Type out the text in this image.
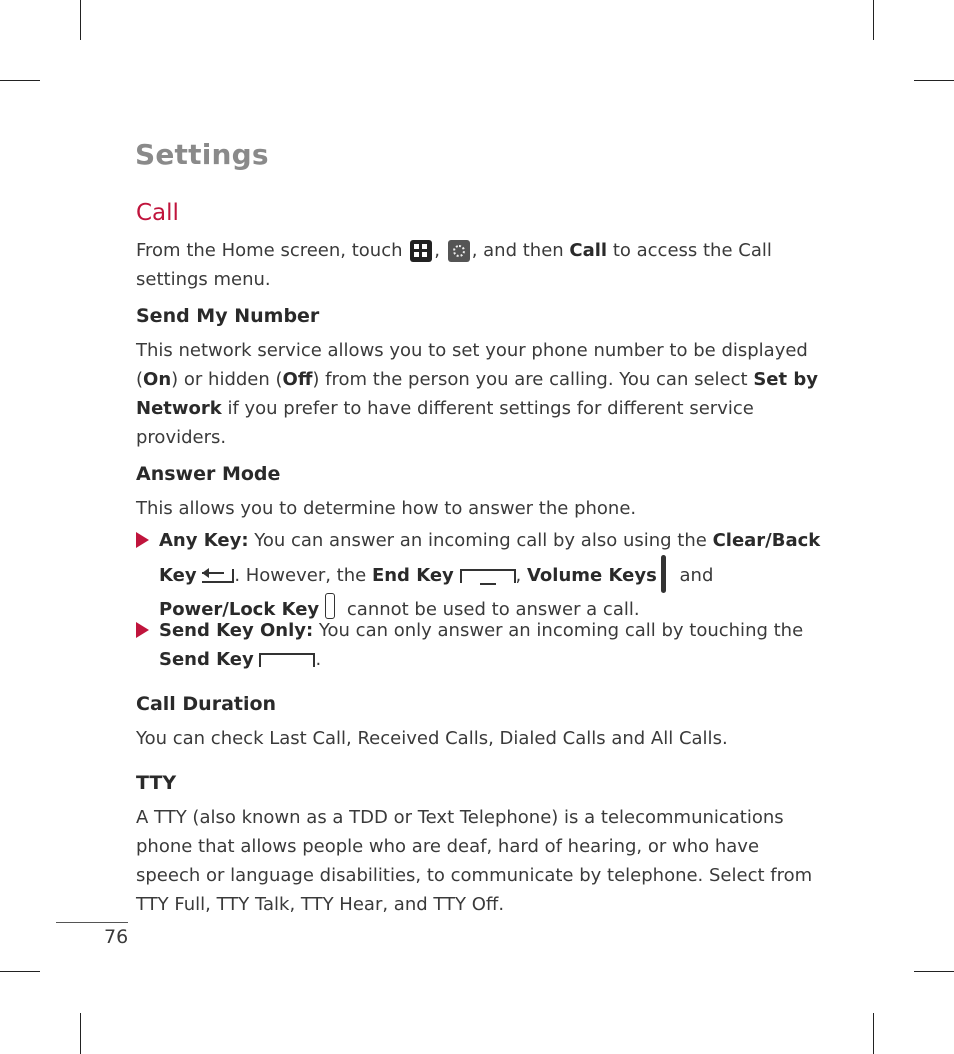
Settings
Call
From the Home screen, touch , , and then Call to access the Call settings menu.
Send My Number
This network service allows you to set your phone number to be displayed (On) or hidden (Off) from the person you are calling. You can select Set by Network if you prefer to have different settings for different service providers.
Answer Mode
This allows you to determine how to answer the phone.
Any Key: You can answer an incoming call by also using the Clear/Back Key . However, the End Key	, Volume Keys and Power/Lock Key cannot be used to answer a call.
Send Key Only: You can only answer an incoming call by touching the Send Key	.
Call Duration
You can check Last Call, Received Calls, Dialed Calls and All Calls.
TTY
A TTY (also known as a TDD or Text Telephone) is a telecommunications phone that allows people who are deaf, hard of hearing, or who have speech or language disabilities, to communicate by telephone. Select from TTY Full, TTY Talk, TTY Hear, and TTY Off.
76
